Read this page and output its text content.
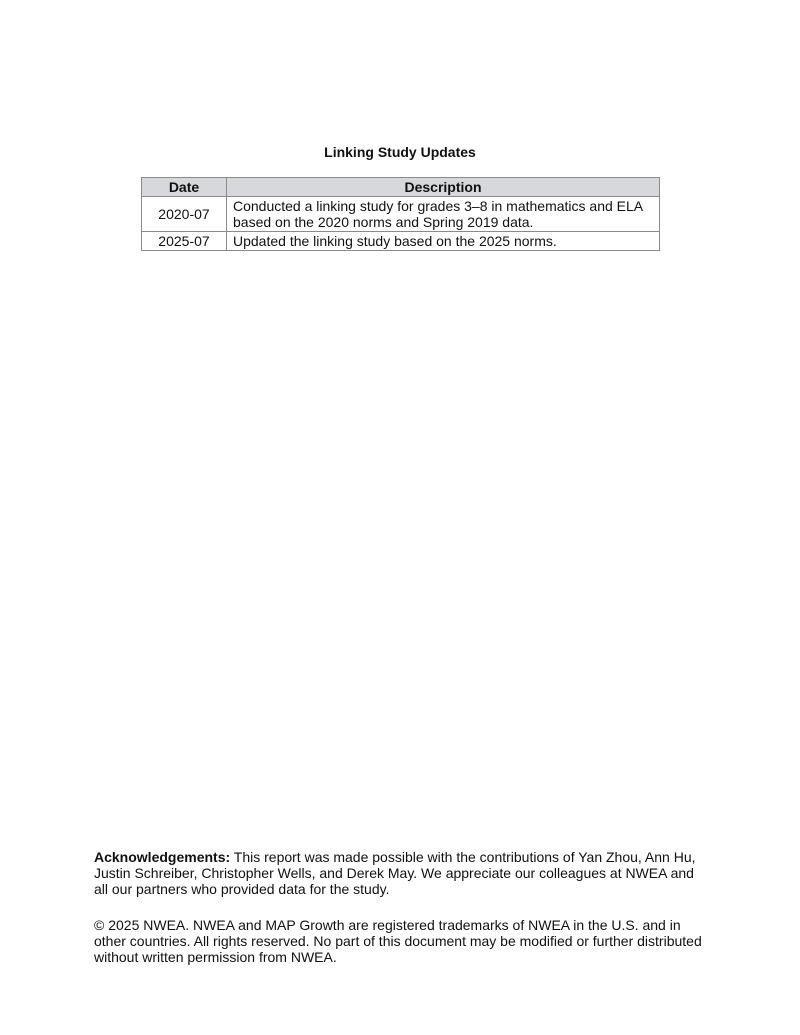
Linking Study Updates
Date	Description
2020-07	Conducted a linking study for grades 3–8 in mathematics and ELA based on the 2020 norms and Spring 2019 data.
2025-07	Updated the linking study based on the 2025 norms.
Acknowledgements: This report was made possible with the contributions of Yan Zhou, Ann Hu, Justin Schreiber, Christopher Wells, and Derek May. We appreciate our colleagues at NWEA and all our partners who provided data for the study.
© 2025 NWEA. NWEA and MAP Growth are registered trademarks of NWEA in the U.S. and in other countries. All rights reserved. No part of this document may be modified or further distributed without written permission from NWEA.
